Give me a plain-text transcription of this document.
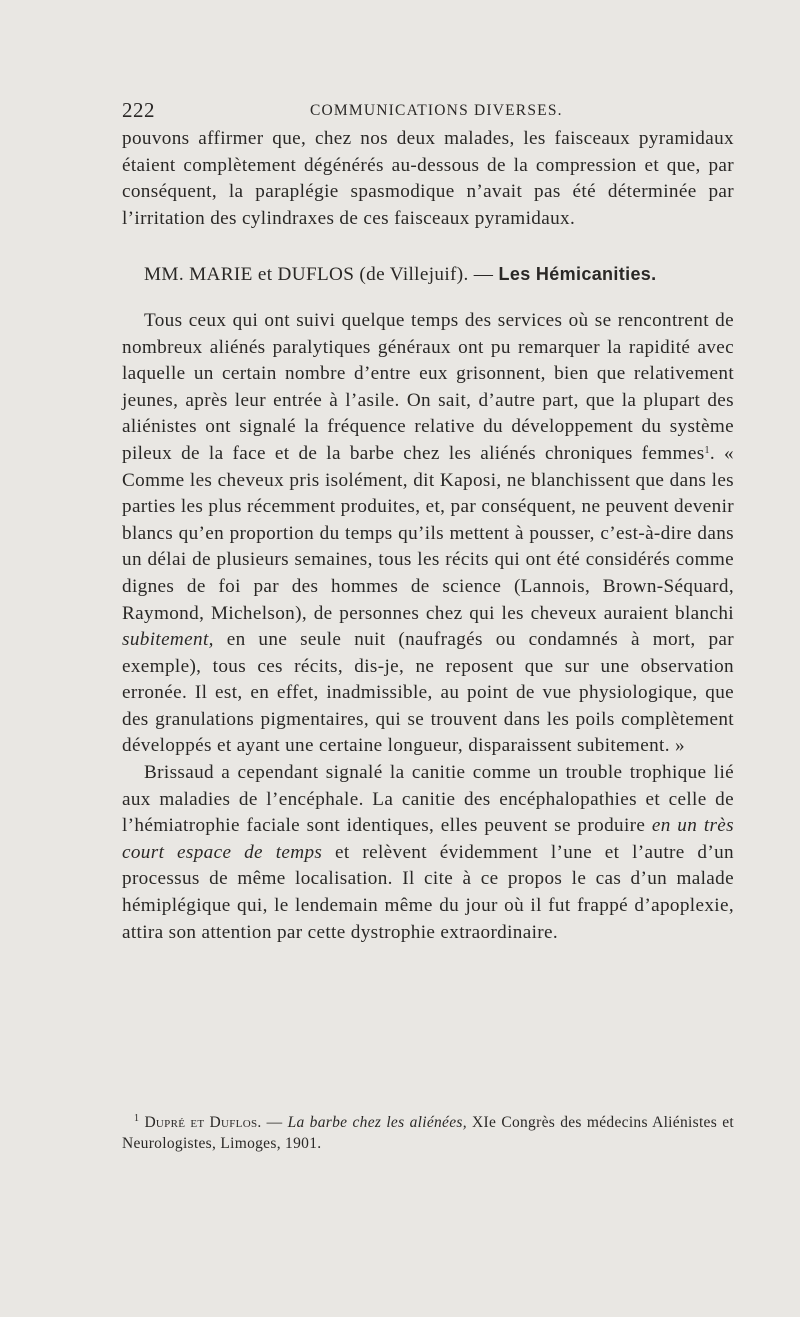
222	COMMUNICATIONS DIVERSES.

pouvons affirmer que, chez nos deux malades, les faisceaux pyramidaux étaient complètement dégénérés au-dessous de la compression et que, par conséquent, la paraplégie spasmodique n’avait pas été déterminée par l’irritation des cylindraxes de ces faisceaux pyramidaux.

MM. MARIE et DUFLOS (de Villejuif). — Les Hémicanities.

Tous ceux qui ont suivi quelque temps des services où se rencontrent de nombreux aliénés paralytiques généraux ont pu remarquer la rapidité avec laquelle un certain nombre d’entre eux grisonnent, bien que relativement jeunes, après leur entrée à l’asile. On sait, d’autre part, que la plupart des aliénistes ont signalé la fréquence relative du développement du système pileux de la face et de la barbe chez les aliénés chroniques femmes$^1$. « Comme les cheveux pris isolément, dit Kaposi, ne blanchissent que dans les parties les plus récemment produites, et, par conséquent, ne peuvent devenir blancs qu’en proportion du temps qu’ils mettent à pousser, c’est-à-dire dans un délai de plusieurs semaines, tous les récits qui ont été considérés comme dignes de foi par des hommes de science (Lannois, Brown-Séquard, Raymond, Michelson), de personnes chez qui les cheveux auraient blanchi subitement, en une seule nuit (naufragés ou condamnés à mort, par exemple), tous ces récits, dis-je, ne reposent que sur une observation erronée. Il est, en effet, inadmissible, au point de vue physiologique, que des granulations pigmentaires, qui se trouvent dans les poils complètement développés et ayant une certaine longueur, disparaissent subitement. »

Brissaud a cependant signalé la canitie comme un trouble trophique lié aux maladies de l’encéphale. La canitie des encéphalopathies et celle de l’hémiatrophie faciale sont identiques, elles peuvent se produire en un très court espace de temps et relèvent évidemment l’une et l’autre d’un processus de même localisation. Il cite à ce propos le cas d’un malade hémiplégique qui, le lendemain même du jour où il fut frappé d’apoplexie, attira son attention par cette dystrophie extraordinaire.

$^1$ Dupré et Duflos. — La barbe chez les aliénées, XIe Congrès des médecins Aliénistes et Neurologistes, Limoges, 1901.
